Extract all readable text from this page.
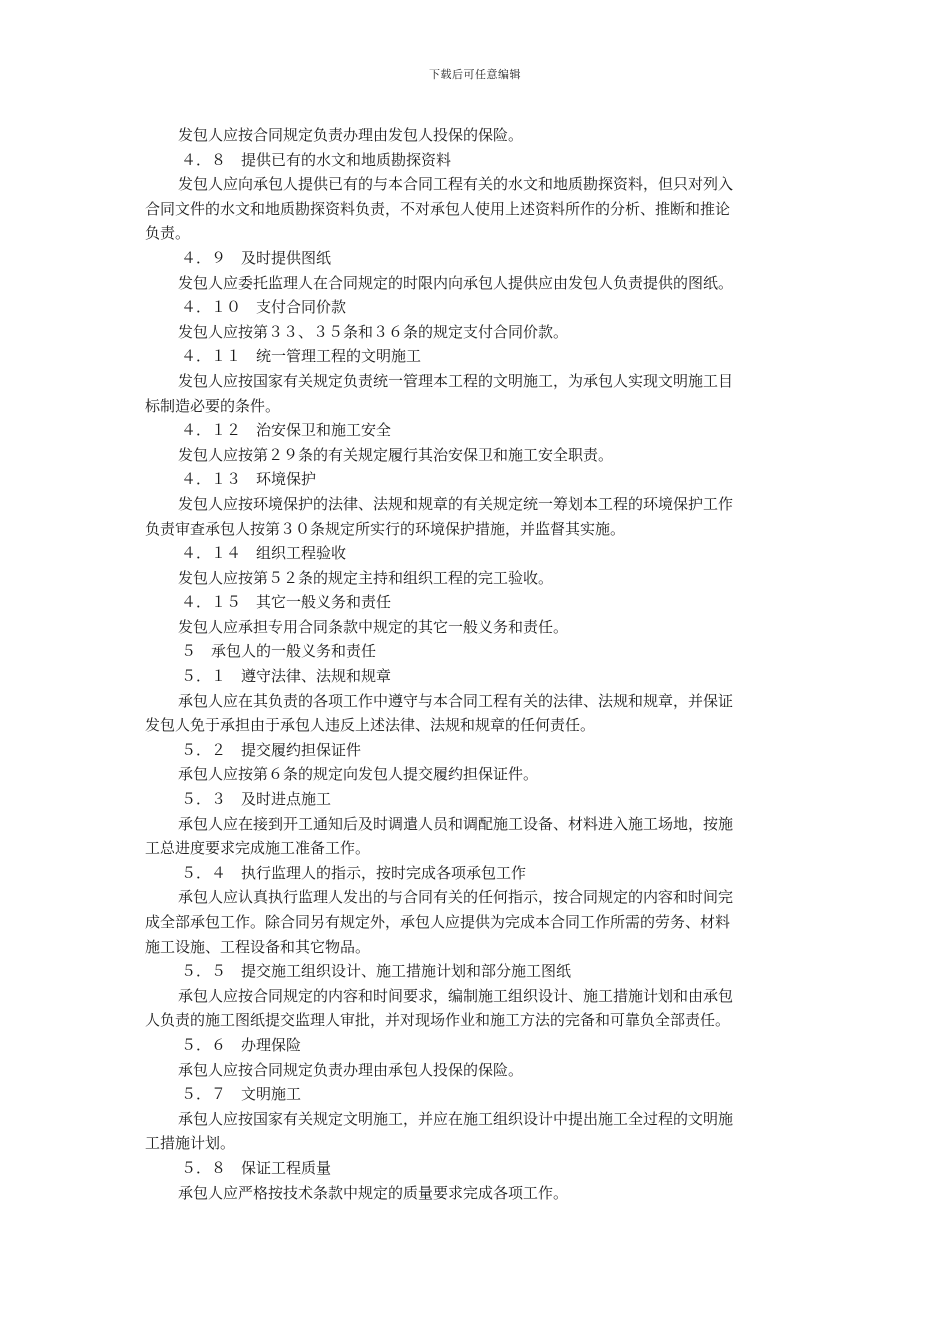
下载后可任意编辑
发包人应按合同规定负责办理由发包人投保的保险。
４．８　提供已有的水文和地质勘探资料
发包人应向承包人提供已有的与本合同工程有关的水文和地质勘探资料，但只对列入
合同文件的水文和地质勘探资料负责，不对承包人使用上述资料所作的分析、推断和推论
负责。
４．９　及时提供图纸
发包人应委托监理人在合同规定的时限内向承包人提供应由发包人负责提供的图纸。
４．１０　支付合同价款
发包人应按第３３、３５条和３６条的规定支付合同价款。
４．１１　统一管理工程的文明施工
发包人应按国家有关规定负责统一管理本工程的文明施工，为承包人实现文明施工目
标制造必要的条件。
４．１２　治安保卫和施工安全
发包人应按第２９条的有关规定履行其治安保卫和施工安全职责。
４．１３　环境保护
发包人应按环境保护的法律、法规和规章的有关规定统一筹划本工程的环境保护工作
负责审查承包人按第３０条规定所实行的环境保护措施，并监督其实施。
４．１４　组织工程验收
发包人应按第５２条的规定主持和组织工程的完工验收。
４．１５　其它一般义务和责任
发包人应承担专用合同条款中规定的其它一般义务和责任。
５　承包人的一般义务和责任
５．１　遵守法律、法规和规章
承包人应在其负责的各项工作中遵守与本合同工程有关的法律、法规和规章，并保证
发包人免于承担由于承包人违反上述法律、法规和规章的任何责任。
５．２　提交履约担保证件
承包人应按第６条的规定向发包人提交履约担保证件。
５．３　及时进点施工
承包人应在接到开工通知后及时调遣人员和调配施工设备、材料进入施工场地，按施
工总进度要求完成施工准备工作。
５．４　执行监理人的指示，按时完成各项承包工作
承包人应认真执行监理人发出的与合同有关的任何指示，按合同规定的内容和时间完
成全部承包工作。除合同另有规定外，承包人应提供为完成本合同工作所需的劳务、材料
施工设施、工程设备和其它物品。
５．５　提交施工组织设计、施工措施计划和部分施工图纸
承包人应按合同规定的内容和时间要求，编制施工组织设计、施工措施计划和由承包
人负责的施工图纸提交监理人审批，并对现场作业和施工方法的完备和可靠负全部责任。
５．６　办理保险
承包人应按合同规定负责办理由承包人投保的保险。
５．７　文明施工
承包人应按国家有关规定文明施工，并应在施工组织设计中提出施工全过程的文明施
工措施计划。
５．８　保证工程质量
承包人应严格按技术条款中规定的质量要求完成各项工作。
